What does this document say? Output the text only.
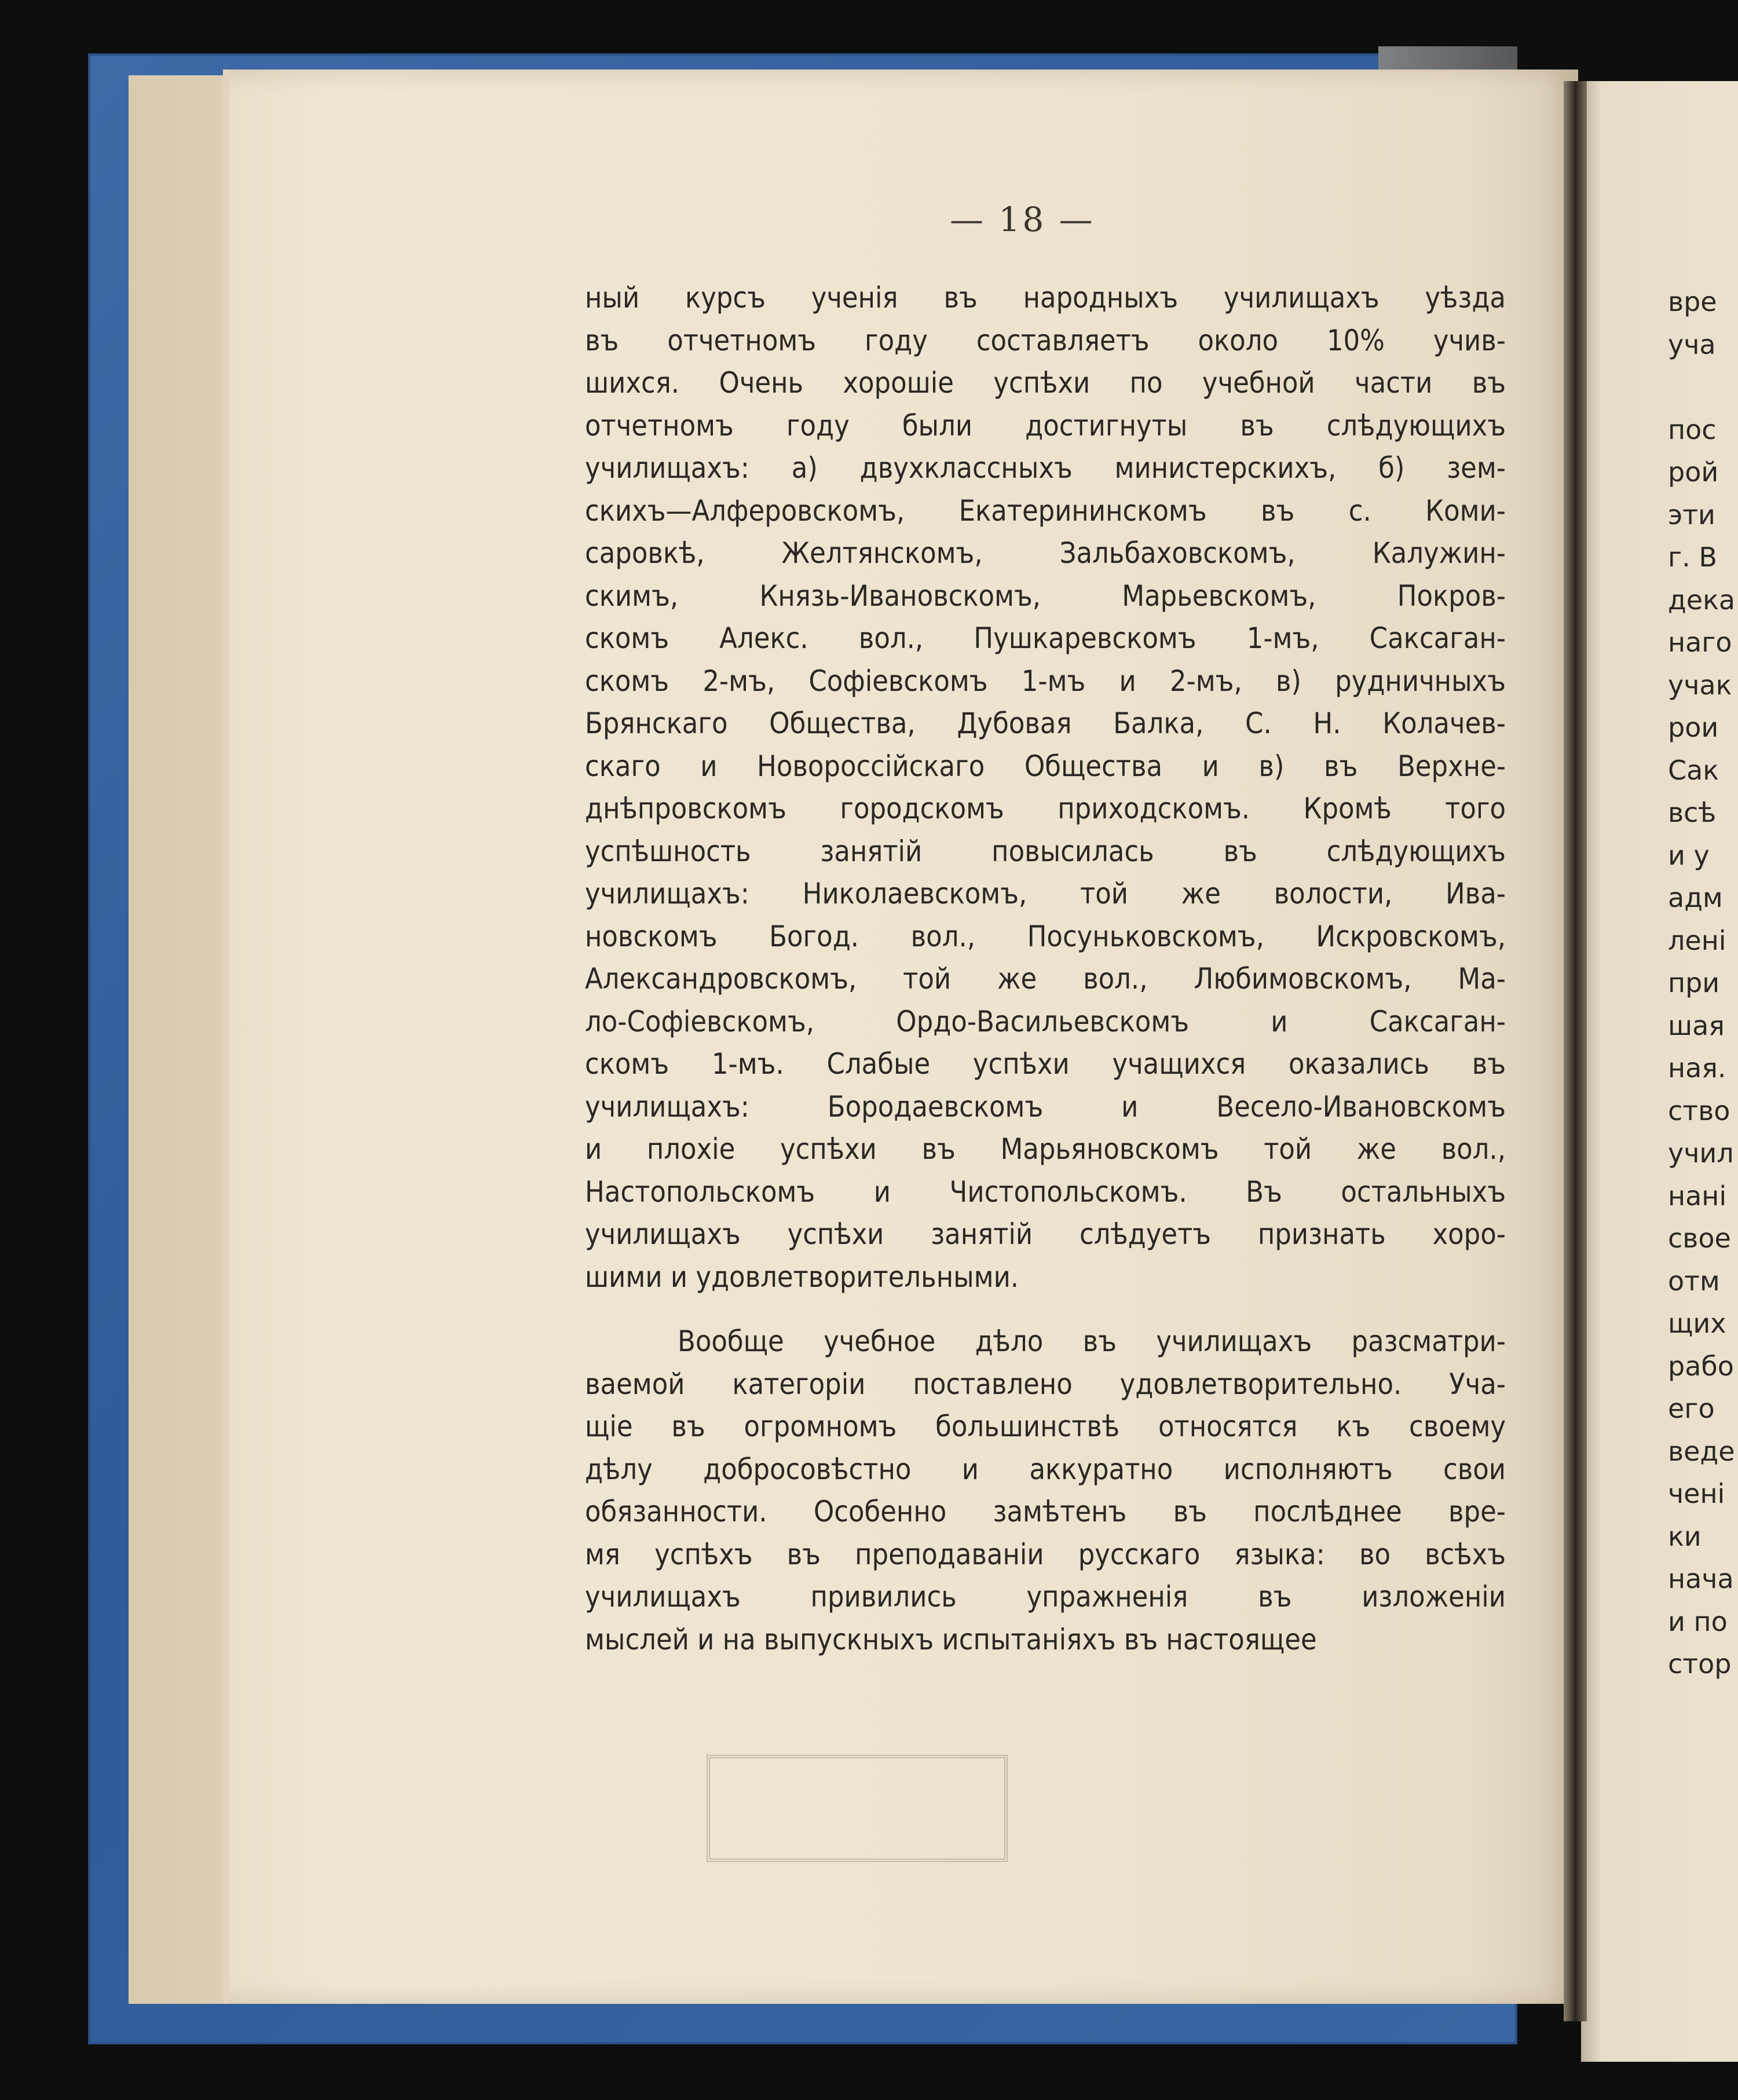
— 18 —
ный курсъ ученія въ народныхъ училищахъ уѣзда
въ отчетномъ году составляетъ около 10% учив-
шихся. Очень хорошіе успѣхи по учебной части въ
отчетномъ году были достигнуты въ слѣдующихъ
училищахъ: а) двухклассныхъ министерскихъ, б) зем-
скихъ—Алферовскомъ, Екатерининскомъ въ с. Коми-
саровкѣ, Желтянскомъ, Зальбаховскомъ, Калужин-
скимъ, Князь-Ивановскомъ, Марьевскомъ, Покров-
скомъ Алекс. вол., Пушкаревскомъ 1-мъ, Саксаган-
скомъ 2-мъ, Софіевскомъ 1-мъ и 2-мъ, в) рудничныхъ
Брянскаго Общества, Дубовая Балка, С. Н. Колачев-
скаго и Новороссійскаго Общества и в) въ Верхне-
днѣпровскомъ городскомъ приходскомъ. Кромѣ того
успѣшность занятій повысилась въ слѣдующихъ
училищахъ: Николаевскомъ, той же волости, Ива-
новскомъ Богод. вол., Посуньковскомъ, Искровскомъ,
Александровскомъ, той же вол., Любимовскомъ, Ма-
ло-Софіевскомъ, Ордо-Васильевскомъ и Саксаган-
скомъ 1-мъ. Слабые успѣхи учащихся оказались въ
училищахъ: Бородаевскомъ и Весело-Ивановскомъ
и плохіе успѣхи въ Марьяновскомъ той же вол.,
Настопольскомъ и Чистопольскомъ. Въ остальныхъ
училищахъ успѣхи занятій слѣдуетъ признать хоро-
шими и удовлетворительными.
Вообще учебное дѣло въ училищахъ разсматри-
ваемой категоріи поставлено удовлетворительно. Уча-
щіе въ огромномъ большинствѣ относятся къ своему
дѣлу добросовѣстно и аккуратно исполняютъ свои
обязанности. Особенно замѣтенъ въ послѣднее вре-
мя успѣхъ въ преподаваніи русскаго языка: во всѣхъ
училищахъ привились упражненія въ изложеніи
мыслей и на выпускныхъ испытаніяхъ въ настоящее
вре
уча
пос
рой
эти
г. В
дека
наго
учак
рои
Сак
всѣ
и у
адм
лені
при
шая
ная.
ство
учил
нані
свое
отм
щих
рабо
его
веде
чені
ки
нача
и по
стор
